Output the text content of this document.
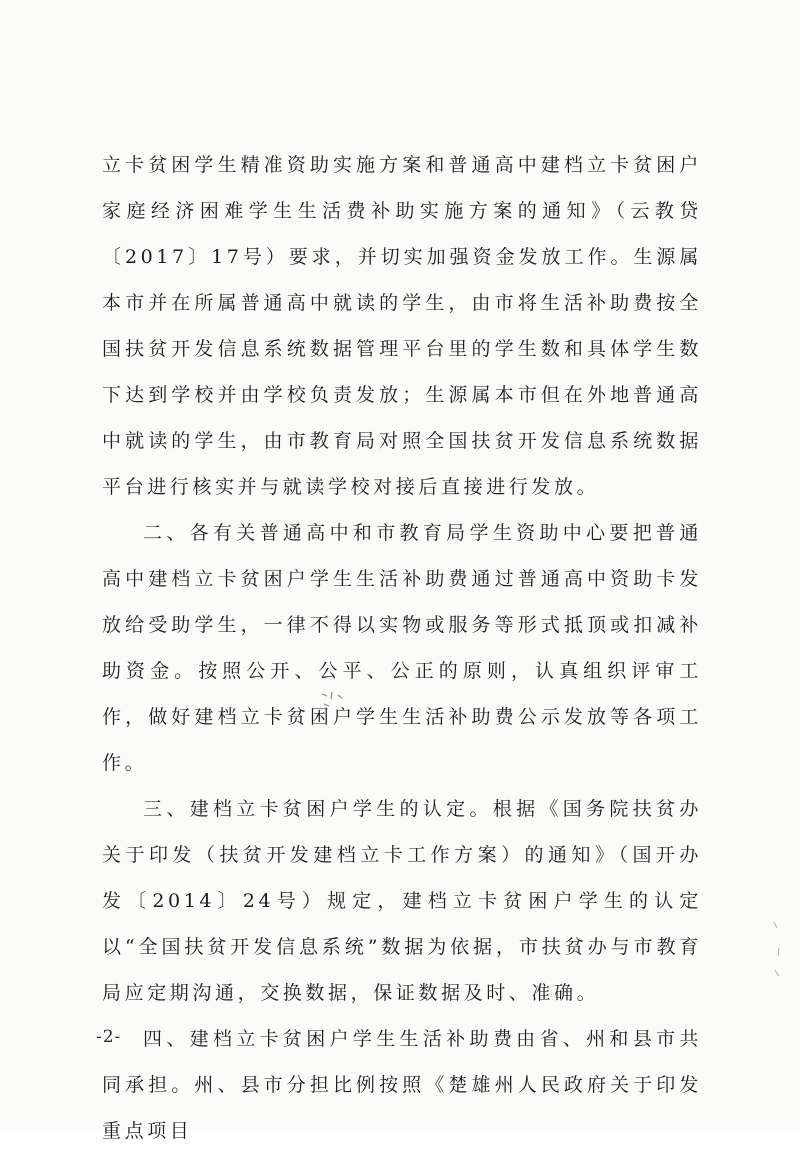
立卡贫困学生精准资助实施方案和普通高中建档立卡贫困户家庭经济困难学生生活费补助实施方案的通知》（云教贷〔2017〕17号）要求，并切实加强资金发放工作。生源属本市并在所属普通高中就读的学生，由市将生活补助费按全国扶贫开发信息系统数据管理平台里的学生数和具体学生数下达到学校并由学校负责发放；生源属本市但在外地普通高中就读的学生，由市教育局对照全国扶贫开发信息系统数据平台进行核实并与就读学校对接后直接进行发放。

二、各有关普通高中和市教育局学生资助中心要把普通高中建档立卡贫困户学生生活补助费通过普通高中资助卡发放给受助学生，一律不得以实物或服务等形式抵顶或扣减补助资金。按照公开、公平、公正的原则，认真组织评审工作，做好建档立卡贫困户学生生活补助费公示发放等各项工作。

三、建档立卡贫困户学生的认定。根据《国务院扶贫办关于印发（扶贫开发建档立卡工作方案）的通知》（国开办发〔2014〕24号）规定，建档立卡贫困户学生的认定以“全国扶贫开发信息系统”数据为依据，市扶贫办与市教育局应定期沟通，交换数据，保证数据及时、准确。

四、建档立卡贫困户学生生活补助费由省、州和县市共同承担。州、县市分担比例按照《楚雄州人民政府关于印发重点项目

-2-
